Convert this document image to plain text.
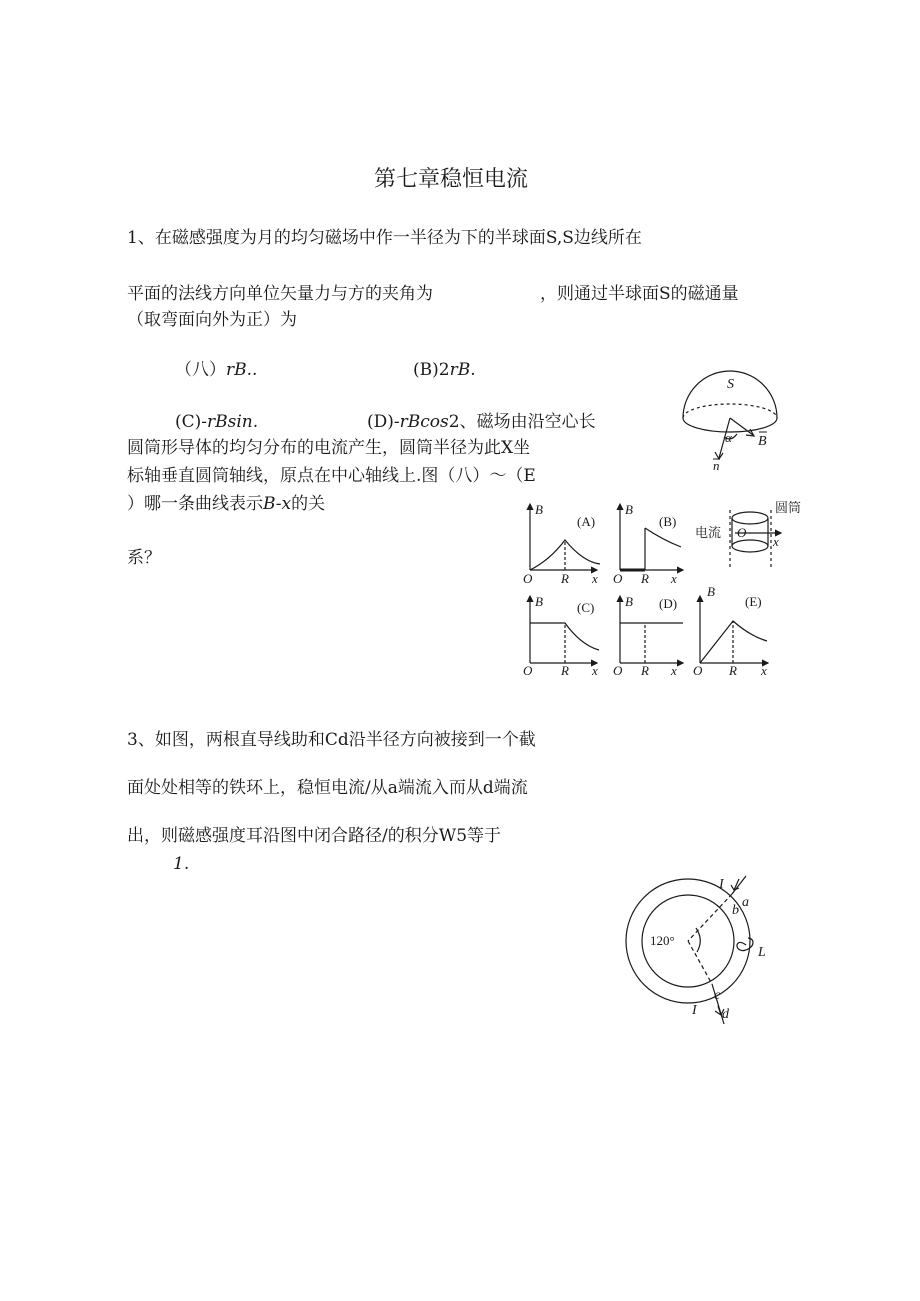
第七章稳恒电流
1、在磁感强度为月的均匀磁场中作一半径为下的半球面S,S边线所在
平面的法线方向单位矢量力与方的夹角为	，则通过半球面S的磁通量
（取弯面向外为正）为
（八）rB..	(B)2rB.
(C)-rBsin.	(D)-rBcos2、磁场由沿空心长
圆筒形导体的均匀分布的电流产生，圆筒半径为此X坐
标轴垂直圆筒轴线，原点在中心轴线上.图（八）～（E
）哪一条曲线表示B-x的关
系？
3、如图，两根直导线助和Cd沿半径方向被接到一个截
面处处相等的铁环上，稳恒电流/从a端流入而从d端流
出，则磁感强度耳沿图中闭合路径/的积分W5等于
1.
S
α B
n
B
(A)
O R x
B
(B)
O R x
圆筒
电流 O
x
B	(C)
O R x
B (D)
O R x
B
(E)
O R x
I
a
b
L
c
I d
120°
